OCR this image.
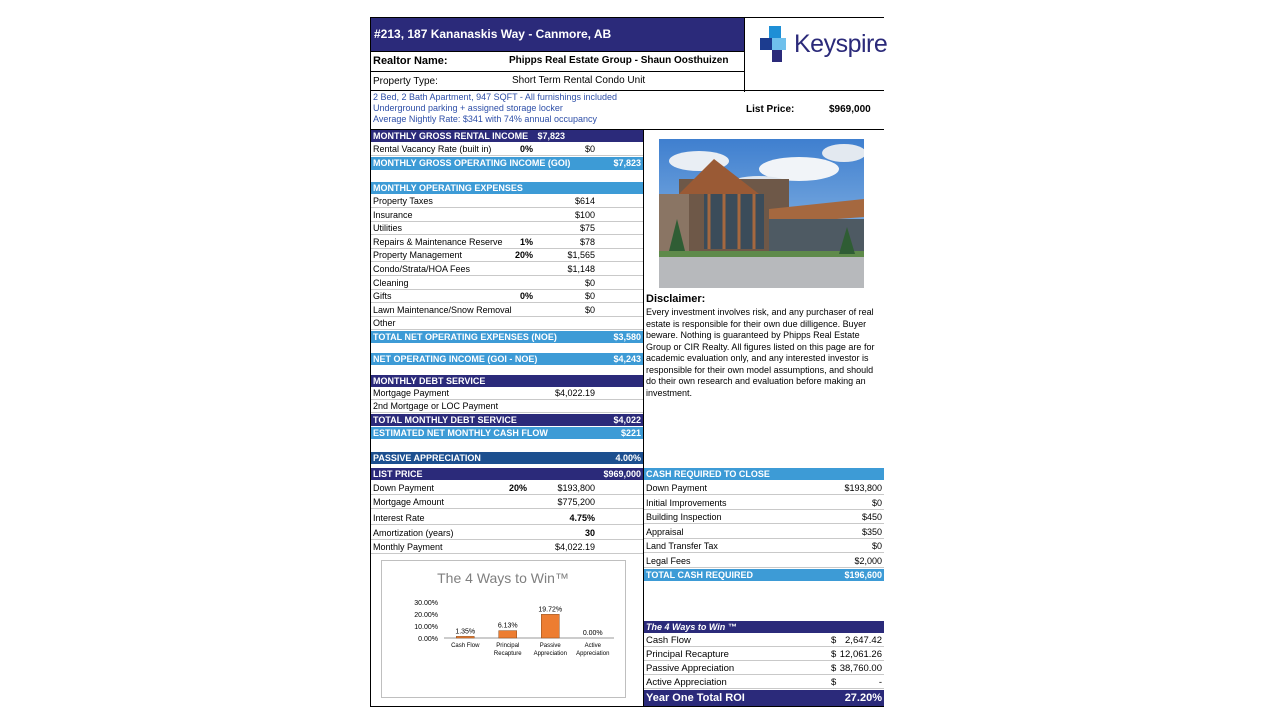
#213, 187 Kananaskis Way - Canmore, AB	Keyspire
Realtor Name:	Phipps Real Estate Group - Shaun Oosthuizen
Property Type:	Short Term Rental Condo Unit
2 Bed, 2 Bath Apartment, 947 SQFT - All furnishings included
Underground parking + assigned storage locker
Average Nightly Rate: $341 with 74% annual occupancy
List Price:	$969,000
MONTHLY GROSS RENTAL INCOME	$7,823
Rental Vacancy Rate (built in)	0%	$0
MONTHLY GROSS OPERATING INCOME (GOI)	$7,823
MONTHLY OPERATING EXPENSES
Property Taxes	$614
Insurance	$100
Utilities	$75
Repairs & Maintenance Reserve	1%	$78
Property Management	20%	$1,565
Condo/Strata/HOA Fees	$1,148
Cleaning	$0
Gifts	0%	$0
Lawn Maintenance/Snow Removal	$0
Other
TOTAL NET OPERATING EXPENSES (NOE)	$3,580
NET OPERATING INCOME (GOI - NOE)	$4,243
MONTHLY DEBT SERVICE
Mortgage Payment	$4,022.19
2nd Mortgage or LOC Payment
TOTAL MONTHLY DEBT SERVICE	$4,022
ESTIMATED NET MONTHLY CASH FLOW	$221
PASSIVE APPRECIATION	4.00%
LIST PRICE	$969,000
Down Payment	20%	$193,800
Mortgage Amount	$775,200
Interest Rate	4.75%
Amortization (years)	30
Monthly Payment	$4,022.19
The 4 Ways to Win™
0.00%
10.00%
20.00%
30.00%
1.35%
Cash Flow
6.13%
Principal
Recapture
19.72%
Passive
Appreciation
0.00%
Active
Appreciation
Disclaimer:
Every investment involves risk, and any purchaser of real estate is responsible for their own due dilligence. Buyer beware. Nothing is guaranteed by Phipps Real Estate Group or CIR Realty. All figures listed on this page are for academic evaluation only, and any interested investor is responsible for their own model assumptions, and should do their own research and evaluation before making an investment.
CASH REQUIRED TO CLOSE
Down Payment	$193,800
Initial Improvements	$0
Building Inspection	$450
Appraisal	$350
Land Transfer Tax	$0
Legal Fees	$2,000
TOTAL CASH REQUIRED	$196,600
The 4 Ways to Win ™
Cash Flow	$ 2,647.42
Principal Recapture	$ 12,061.26
Passive Appreciation	$ 38,760.00
Active Appreciation	$	-
Year One Total ROI	27.20%
